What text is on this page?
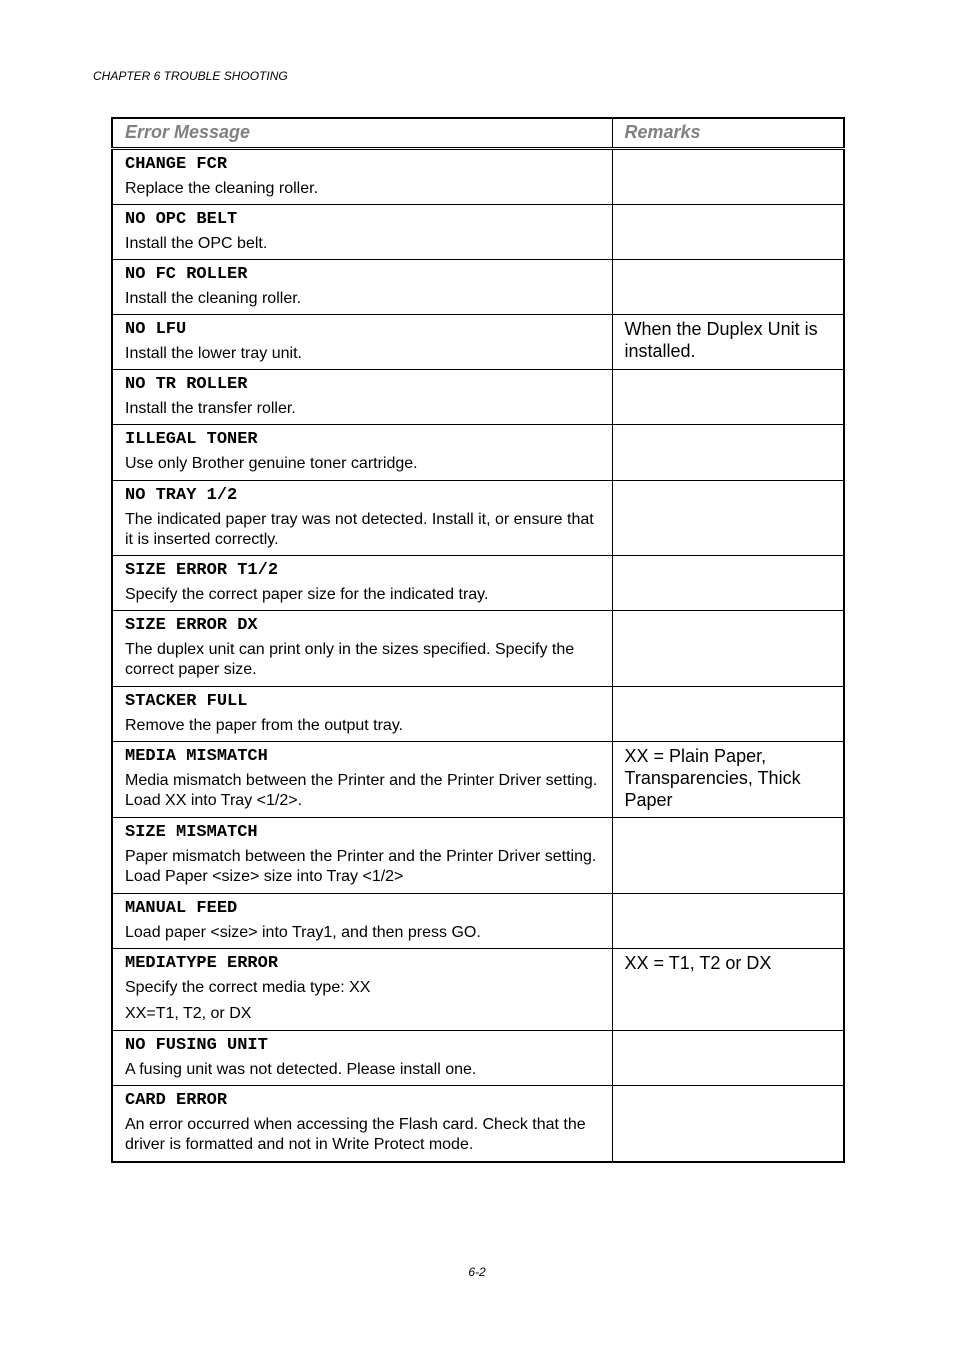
CHAPTER 6 TROUBLE SHOOTING
Error Message	Remarks

CHANGE FCR
Replace the cleaning roller.	

NO OPC BELT
Install the OPC belt.	

NO FC ROLLER
Install the cleaning roller.	

NO LFU
Install the lower tray unit.	When the Duplex Unit is installed.

NO TR ROLLER
Install the transfer roller.	

ILLEGAL TONER
Use only Brother genuine toner cartridge.	

NO TRAY 1/2
The indicated paper tray was not detected. Install it, or ensure that it is inserted correctly.	

SIZE ERROR T1/2
Specify the correct paper size for the indicated tray.	

SIZE ERROR DX
The duplex unit can print only in the sizes specified. Specify the correct paper size.	

STACKER FULL
Remove the paper from the output tray.	

MEDIA MISMATCH
Media mismatch between the Printer and the Printer Driver setting. Load XX into Tray <1/2>.	XX = Plain Paper, Transparencies, Thick Paper

SIZE MISMATCH
Paper mismatch between the Printer and the Printer Driver setting. Load Paper <size> size into Tray <1/2>	

MANUAL FEED
Load paper <size> into Tray1, and then press GO.	

MEDIATYPE ERROR
Specify the correct media type: XX
XX=T1, T2, or DX	XX = T1, T2 or DX

NO FUSING UNIT
A fusing unit was not detected. Please install one.	

CARD ERROR
An error occurred when accessing the Flash card. Check that the driver is formatted and not in Write Protect mode.	

6-2
